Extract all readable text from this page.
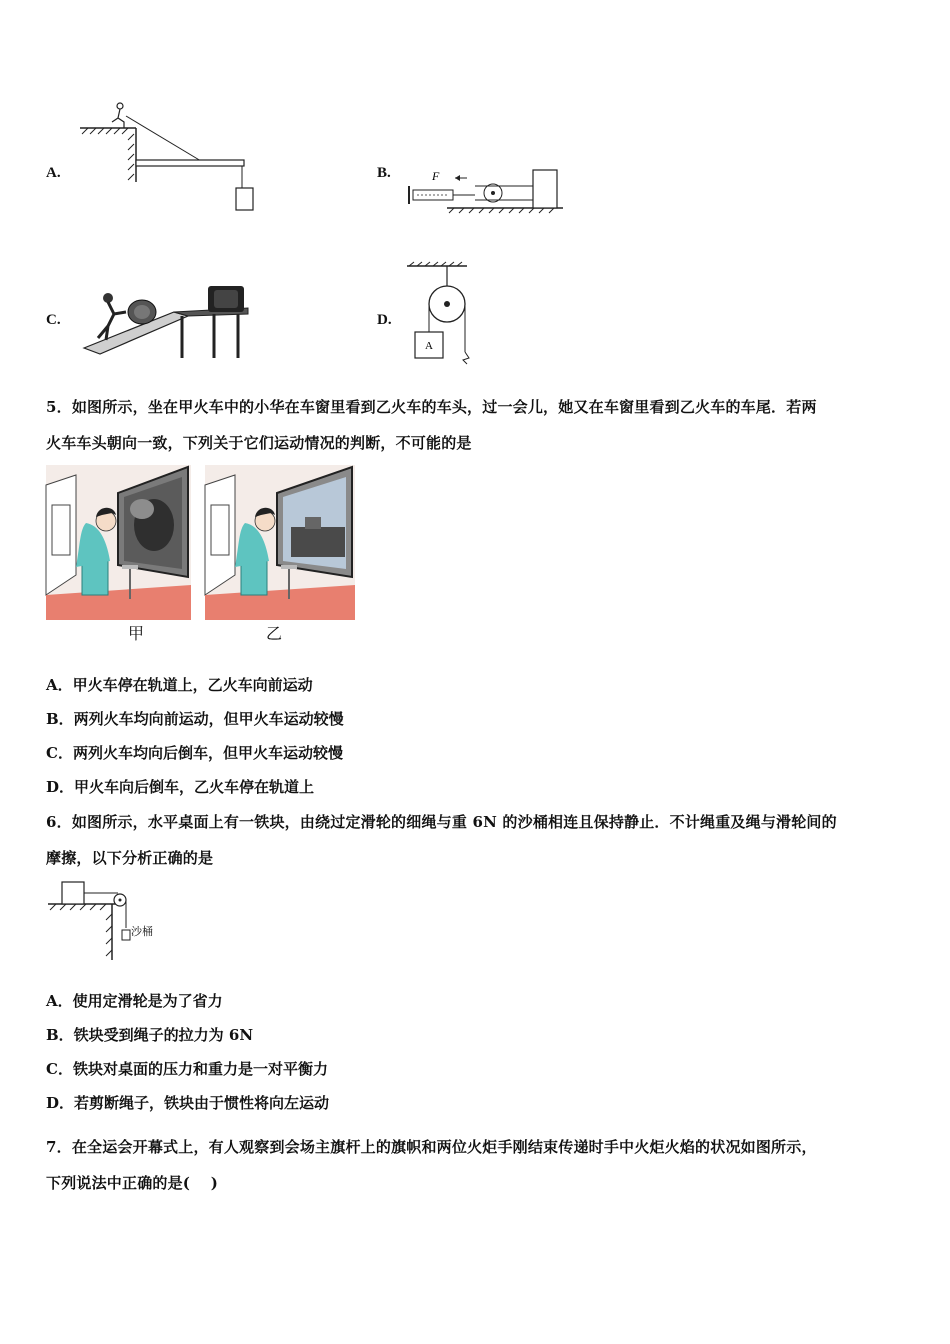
A.	B.	F
C.	D.
A
5．如图所示，坐在甲火车中的小华在车窗里看到乙火车的车头，过一会儿，她又在车窗里看到乙火车的车尾．若两
火车车头朝向一致，下列关于它们运动情况的判断，不可能的是
甲	乙
A．甲火车停在轨道上，乙火车向前运动
B．两列火车均向前运动，但甲火车运动较慢
C．两列火车均向后倒车，但甲火车运动较慢
D．甲火车向后倒车，乙火车停在轨道上
6．如图所示，水平桌面上有一铁块，由绕过定滑轮的细绳与重 6N 的沙桶相连且保持静止．不计绳重及绳与滑轮间的
摩擦，以下分析正确的是
沙桶
A．使用定滑轮是为了省力
B．铁块受到绳子的拉力为 6N
C．铁块对桌面的压力和重力是一对平衡力
D．若剪断绳子，铁块由于惯性将向左运动
7．在全运会开幕式上，有人观察到会场主旗杆上的旗帜和两位火炬手刚结束传递时手中火炬火焰的状况如图所示，
下列说法中正确的是(　 )
